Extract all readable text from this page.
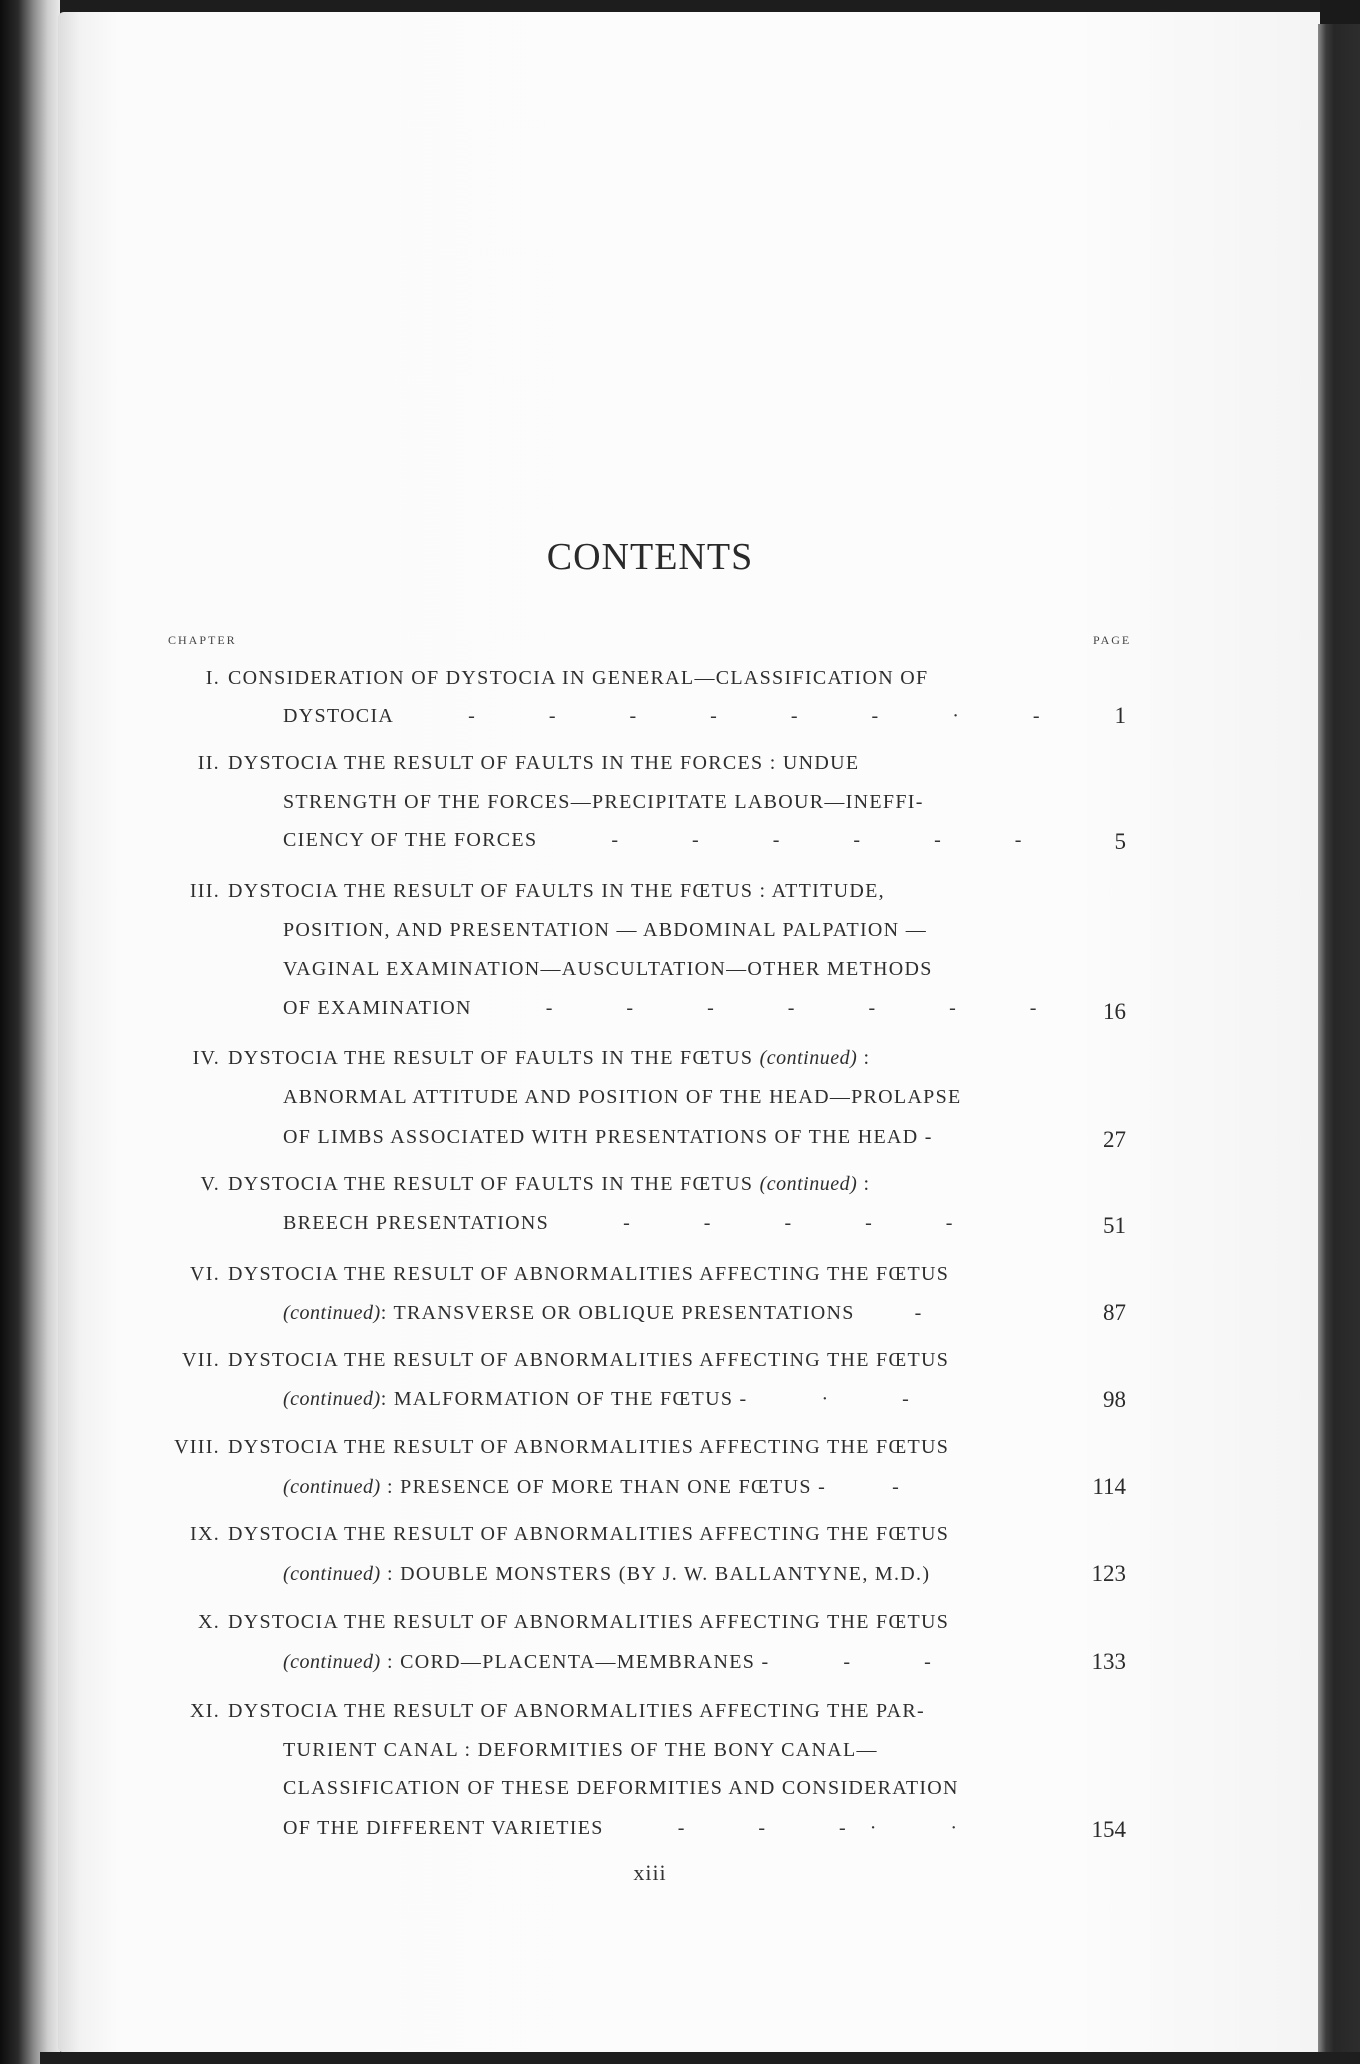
CONTENTS
CHAPTER	PAGE
I. CONSIDERATION OF DYSTOCIA IN GENERAL—CLASSIFICATION OF
DYSTOCIA	-	-	-	-	-	-	·	-	1
II. DYSTOCIA THE RESULT OF FAULTS IN THE FORCES : UNDUE
STRENGTH OF THE FORCES—PRECIPITATE LABOUR—INEFFI-
CIENCY OF THE FORCES	-	-	-	-	-	-	5
III. DYSTOCIA THE RESULT OF FAULTS IN THE FŒTUS : ATTITUDE,
POSITION, AND PRESENTATION — ABDOMINAL PALPATION —
VAGINAL EXAMINATION—AUSCULTATION—OTHER METHODS
OF EXAMINATION	-	-	-	-	-	-	-	16
IV. DYSTOCIA THE RESULT OF FAULTS IN THE FŒTUS (continued) :
ABNORMAL ATTITUDE AND POSITION OF THE HEAD—PROLAPSE
OF LIMBS ASSOCIATED WITH PRESENTATIONS OF THE HEAD -	27
V. DYSTOCIA THE RESULT OF FAULTS IN THE FŒTUS (continued) :
BREECH PRESENTATIONS	-	-	-	-	-	51
VI. DYSTOCIA THE RESULT OF ABNORMALITIES AFFECTING THE FŒTUS
(continued): TRANSVERSE OR OBLIQUE PRESENTATIONS	-	87
VII. DYSTOCIA THE RESULT OF ABNORMALITIES AFFECTING THE FŒTUS
(continued): MALFORMATION OF THE FŒTUS -	·	-	98
VIII. DYSTOCIA THE RESULT OF ABNORMALITIES AFFECTING THE FŒTUS
(continued) : PRESENCE OF MORE THAN ONE FŒTUS -	-	114
IX. DYSTOCIA THE RESULT OF ABNORMALITIES AFFECTING THE FŒTUS
(continued) : DOUBLE MONSTERS (BY J. W. BALLANTYNE, M.D.)	123
X. DYSTOCIA THE RESULT OF ABNORMALITIES AFFECTING THE FŒTUS
(continued) : CORD—PLACENTA—MEMBRANES -	-	-	133
XI. DYSTOCIA THE RESULT OF ABNORMALITIES AFFECTING THE PAR-
TURIENT CANAL : DEFORMITIES OF THE BONY CANAL—
CLASSIFICATION OF THESE DEFORMITIES AND CONSIDERATION
OF THE DIFFERENT VARIETIES	-	-	- ·	·	154
xiii
